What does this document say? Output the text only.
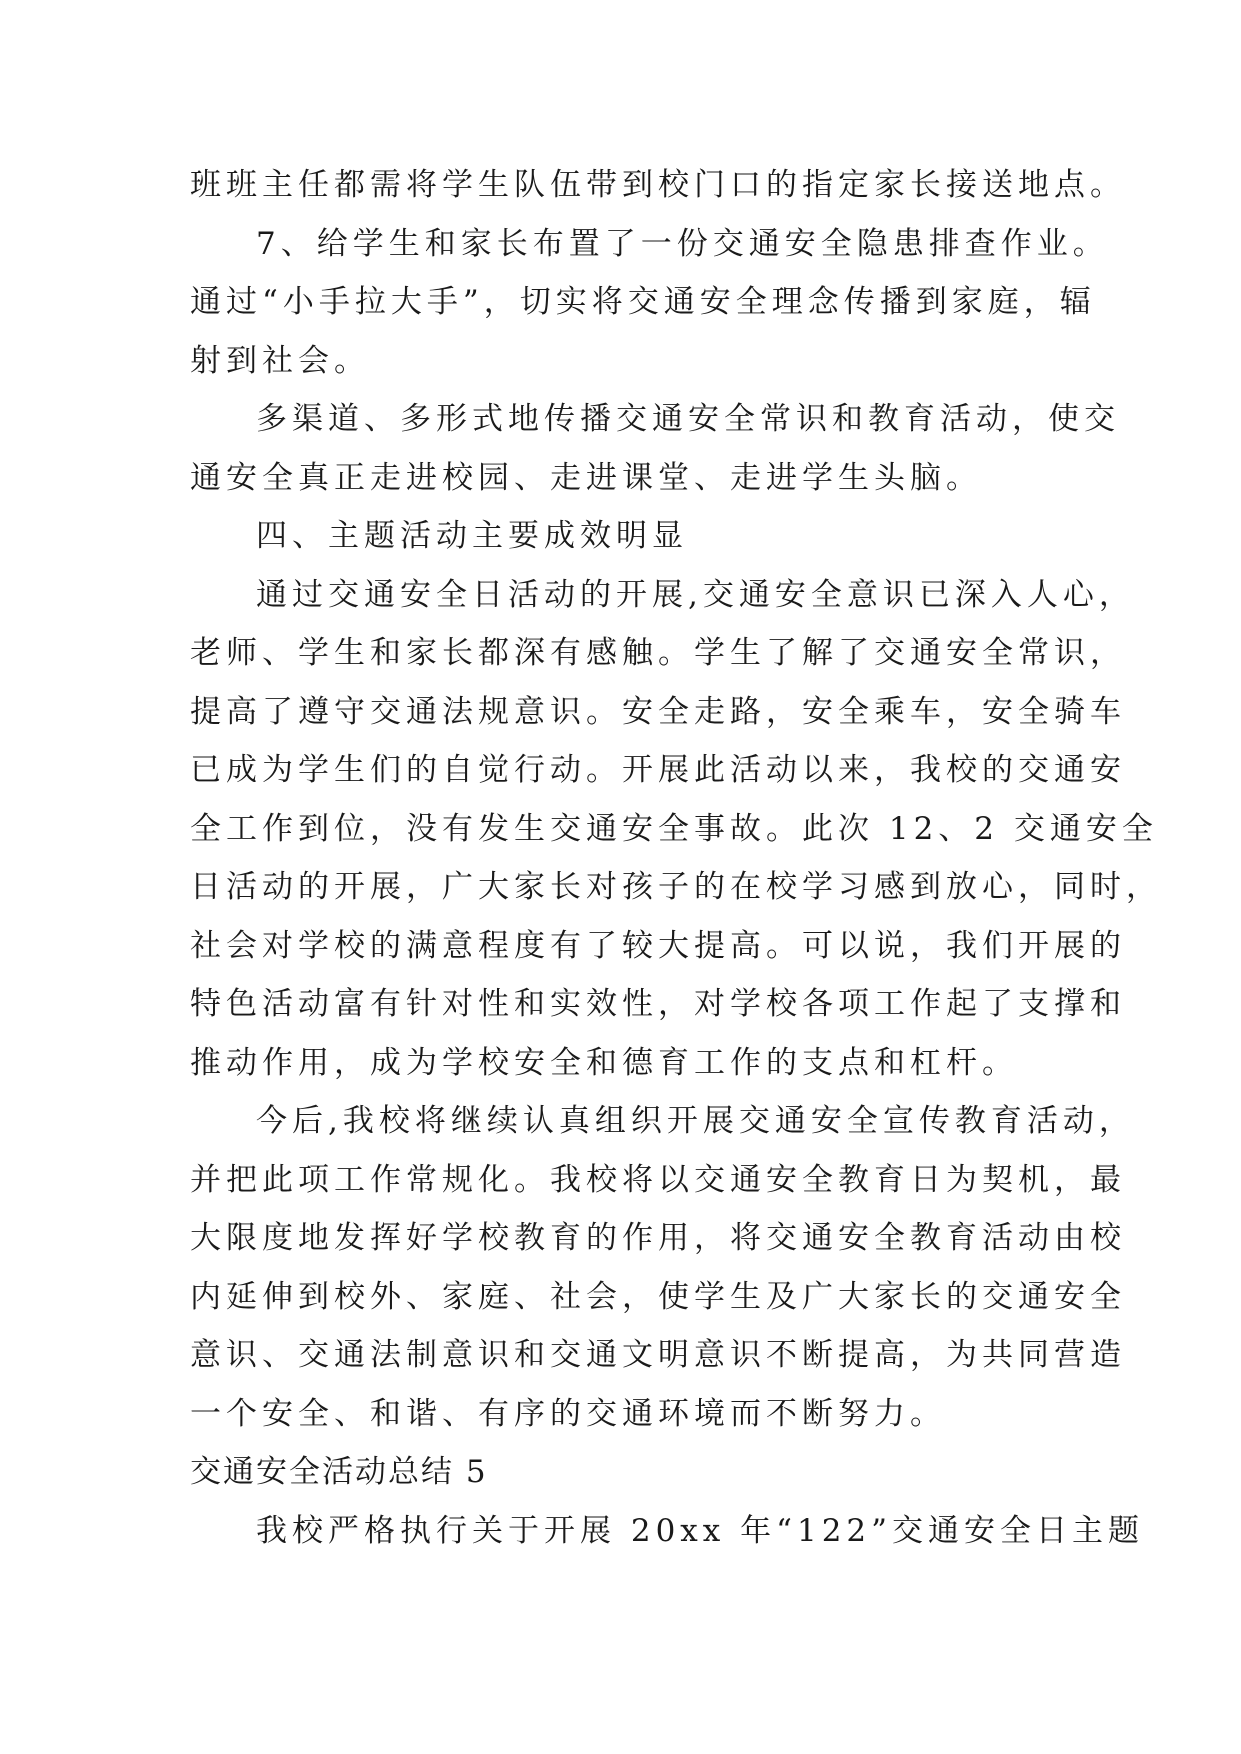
班班主任都需将学生队伍带到校门口的指定家长接送地点。
7、给学生和家长布置了一份交通安全隐患排查作业。
通过“小手拉大手”，切实将交通安全理念传播到家庭，辐
射到社会。
多渠道、多形式地传播交通安全常识和教育活动，使交
通安全真正走进校园、走进课堂、走进学生头脑。
四、主题活动主要成效明显
通过交通安全日活动的开展,交通安全意识已深入人心，
老师、学生和家长都深有感触。学生了解了交通安全常识，
提高了遵守交通法规意识。安全走路，安全乘车，安全骑车
已成为学生们的自觉行动。开展此活动以来，我校的交通安
全工作到位，没有发生交通安全事故。此次 12、2 交通安全
日活动的开展，广大家长对孩子的在校学习感到放心，同时，
社会对学校的满意程度有了较大提高。可以说，我们开展的
特色活动富有针对性和实效性，对学校各项工作起了支撑和
推动作用，成为学校安全和德育工作的支点和杠杆。
今后,我校将继续认真组织开展交通安全宣传教育活动，
并把此项工作常规化。我校将以交通安全教育日为契机，最
大限度地发挥好学校教育的作用，将交通安全教育活动由校
内延伸到校外、家庭、社会，使学生及广大家长的交通安全
意识、交通法制意识和交通文明意识不断提高，为共同营造
一个安全、和谐、有序的交通环境而不断努力。
交通安全活动总结 5
我校严格执行关于开展 20xx 年“122”交通安全日主题
